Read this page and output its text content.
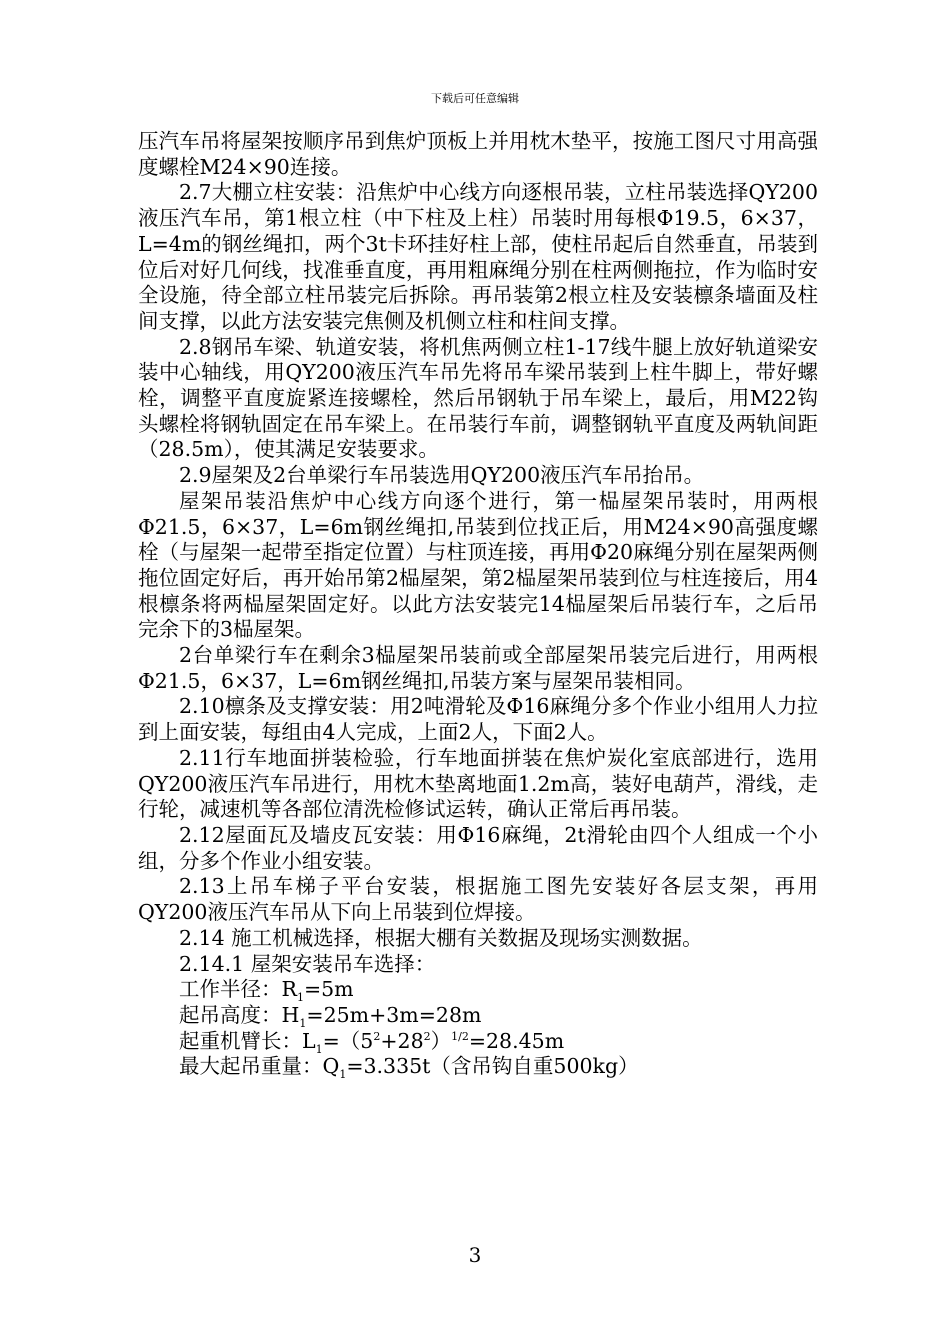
下载后可任意编辑

压汽车吊将屋架按顺序吊到焦炉顶板上并用枕木垫平，按施工图尺寸用高强度螺栓M24×90连接。

2.7大棚立柱安装：沿焦炉中心线方向逐根吊装，立柱吊装选择QY200液压汽车吊，第1根立柱（中下柱及上柱）吊装时用每根Φ19.5，6×37，L=4m的钢丝绳扣，两个3t卡环挂好柱上部，使柱吊起后自然垂直，吊装到位后对好几何线，找准垂直度，再用粗麻绳分别在柱两侧拖拉，作为临时安全设施，待全部立柱吊装完后拆除。再吊装第2根立柱及安装檩条墙面及柱间支撑，以此方法安装完焦侧及机侧立柱和柱间支撑。

2.8钢吊车梁、轨道安装，将机焦两侧立柱1-17线牛腿上放好轨道梁安装中心轴线，用QY200液压汽车吊先将吊车梁吊装到上柱牛脚上，带好螺栓，调整平直度旋紧连接螺栓，然后吊钢轨于吊车梁上，最后，用M22钩头螺栓将钢轨固定在吊车梁上。在吊装行车前，调整钢轨平直度及两轨间距（28.5m），使其满足安装要求。

2.9屋架及2台单梁行车吊装选用QY200液压汽车吊抬吊。

屋架吊装沿焦炉中心线方向逐个进行，第一榀屋架吊装时，用两根Φ21.5，6×37，L=6m钢丝绳扣,吊装到位找正后，用M24×90高强度螺栓（与屋架一起带至指定位置）与柱顶连接，再用Φ20麻绳分别在屋架两侧拖位固定好后，再开始吊第2榀屋架，第2榀屋架吊装到位与柱连接后，用4根檩条将两榀屋架固定好。以此方法安装完14榀屋架后吊装行车，之后吊完余下的3榀屋架。

2台单梁行车在剩余3榀屋架吊装前或全部屋架吊装完后进行，用两根Φ21.5，6×37，L=6m钢丝绳扣,吊装方案与屋架吊装相同。

2.10檩条及支撑安装：用2吨滑轮及Φ16麻绳分多个作业小组用人力拉到上面安装，每组由4人完成，上面2人，下面2人。

2.11行车地面拼装检验，行车地面拼装在焦炉炭化室底部进行，选用QY200液压汽车吊进行，用枕木垫离地面1.2m高，装好电葫芦，滑线，走行轮，减速机等各部位清洗检修试运转，确认正常后再吊装。

2.12屋面瓦及墙皮瓦安装：用Φ16麻绳，2t滑轮由四个人组成一个小组，分多个作业小组安装。

2.13上吊车梯子平台安装，根据施工图先安装好各层支架，再用QY200液压汽车吊从下向上吊装到位焊接。

2.14 施工机械选择，根据大棚有关数据及现场实测数据。

2.14.1 屋架安装吊车选择：

工作半径：$R_1=5m$

起吊高度：$H_1=25m+3m=28m$

起重机臂长：$L_1=(5^2+28^2)^{1/2}=28.45m$

最大起吊重量：$Q_1=3.335t$（含吊钩自重500kg）

3
